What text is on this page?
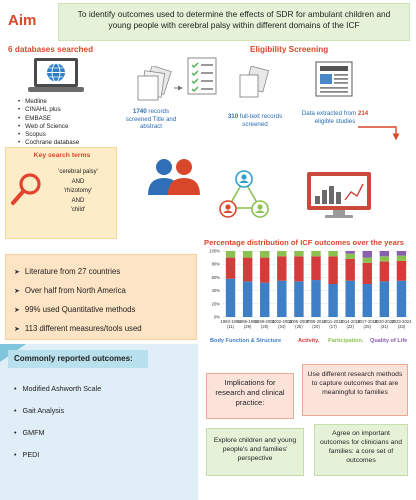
Aim	To identify outcomes used to determine the effects of SDR for ambulant children and young people with cerebral palsy within different domains of the ICF
6 databases searched
• Medline
• CINAHL plus
• EMBASE
• Web of Science
• Scopus
• Cochrane database
Eligibility Screening
1740 records screened Title and abstract
310 full-text records screened
Data extracted from 214 eligible studies
Key search terms
'cerebral palsy'
AND
'rhizotomy'
AND
'child'
➤ Literature from 27 countries
➤ Over half from North America
➤ 99% used Quantitative methods
➤ 113 different measures/tools used
Percentage distribution of ICF outcomes over the years
0%
20%
40%
60%
80%
100%
1993-1995
(11)
1996-1998
(29)
1999-2001
(20)
2002-2004
(24)
2005-2007
(25)
2008-2010
(20)
2011-2013
(17)
2014-2016
(22)
2017-2019
(25)
2020-2022
(31)
2023-2024
(33)
Body Function & Structure	Activity. Participation. Quality of Life
Commonly reported outcomes:
• Modified Ashworth Scale
• Gait Analysis
• GMFM
• PEDI
Implications for research and clinical practice:
Use different research methods to capture outcomes that are meaningful to families
Explore children and young people's and families' perspective
Agree on important outcomes for clinicians and families: a core set of outcomes
